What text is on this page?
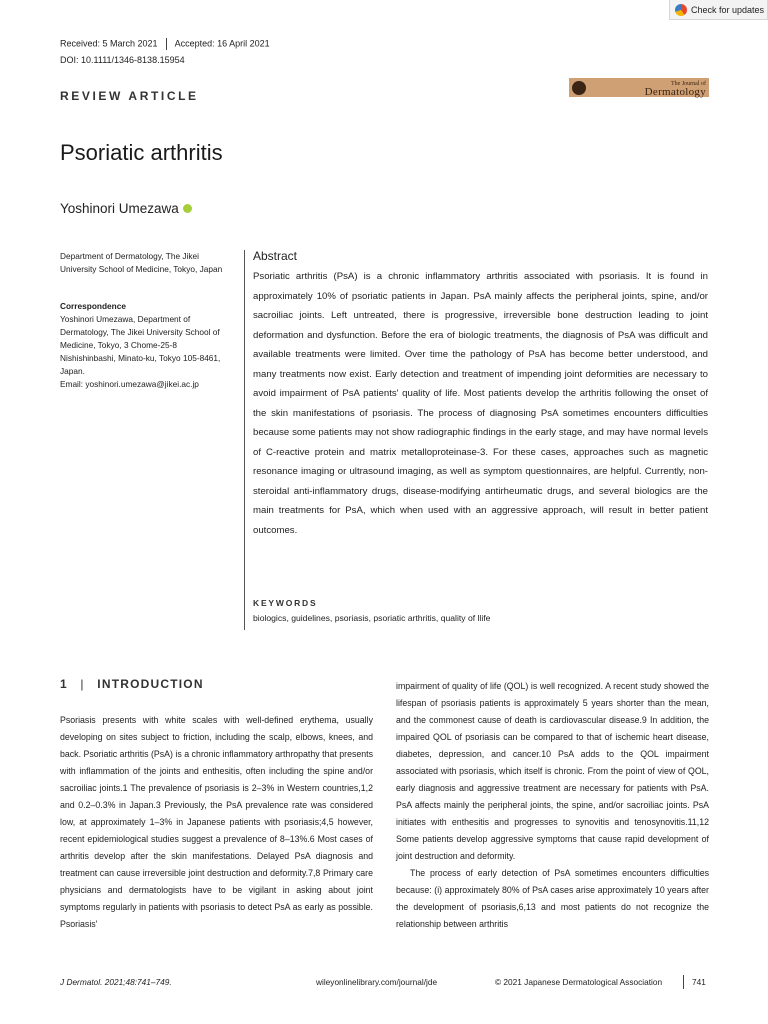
Check for updates
Received: 5 March 2021 Accepted: 16 April 2021
DOI: 10.1111/1346-8138.15954
The Journal of
Dermatology
REVIEW ARTICLE
Psoriatic arthritis
Yoshinori Umezawa
Department of Dermatology, The Jikei University School of Medicine, Tokyo, Japan
Correspondence
Yoshinori Umezawa, Department of Dermatology, The Jikei University School of Medicine, Tokyo, 3 Chome-25-8 Nishishinbashi, Minato-ku, Tokyo 105-8461, Japan.
Email: yoshinori.umezawa@jikei.ac.jp
Abstract
Psoriatic arthritis (PsA) is a chronic inflammatory arthritis associated with psoriasis. It is found in approximately 10% of psoriatic patients in Japan. PsA mainly affects the peripheral joints, spine, and/or sacroiliac joints. Left untreated, there is progressive, irreversible bone destruction leading to joint deformation and dysfunction. Before the era of biologic treatments, the diagnosis of PsA was difficult and available treatments were limited. Over time the pathology of PsA has become better understood, and many treatments now exist. Early detection and treatment of impending joint deformities are necessary to avoid impairment of PsA patients' quality of life. Most patients develop the arthritis following the onset of the skin manifestations of psoriasis. The process of diagnosing PsA sometimes encounters difficulties because some patients may not show radiographic findings in the early stage, and may have normal levels of C-reactive protein and matrix metalloproteinase-3. For these cases, approaches such as magnetic resonance imaging or ultrasound imaging, as well as symptom questionnaires, are helpful. Currently, non-steroidal anti-inflammatory drugs, disease-modifying antirheumatic drugs, and several biologics are the main treatments for PsA, which when used with an aggressive approach, will result in better patient outcomes.
KEYWORDS
biologics, guidelines, psoriasis, psoriatic arthritis, quality of llife
1 | INTRODUCTION

Psoriasis presents with white scales with well-defined erythema, usually developing on sites subject to friction, including the scalp, elbows, knees, and back. Psoriatic arthritis (PsA) is a chronic inflammatory arthropathy that presents with inflammation of the joints and enthesitis, often including the spine and/or sacroiliac joints.1 The prevalence of psoriasis is 2–3% in Western countries,1,2 and 0.2–0.3% in Japan.3 Previously, the PsA prevalence rate was considered low, at approximately 1–3% in Japanese patients with psoriasis;4,5 however, recent epidemiological studies suggest a prevalence of 8–13%.6 Most cases of arthritis develop after the skin manifestations. Delayed PsA diagnosis and treatment can cause irreversible joint destruction and deformity.7,8 Primary care physicians and dermatologists have to be vigilant in asking about joint symptoms regularly in patients with psoriasis to detect PsA as early as possible. Psoriasis'

impairment of quality of life (QOL) is well recognized. A recent study showed the lifespan of psoriasis patients is approximately 5 years shorter than the mean, and the commonest cause of death is cardiovascular disease.9 In addition, the impaired QOL of psoriasis can be compared to that of ischemic heart disease, diabetes, depression, and cancer.10 PsA adds to the QOL impairment associated with psoriasis, which itself is chronic. From the point of view of QOL, early diagnosis and aggressive treatment are necessary for patients with PsA. PsA affects mainly the peripheral joints, the spine, and/or sacroiliac joints. PsA initiates with enthesitis and progresses to synovitis and tenosynovitis.11,12 Some patients develop aggressive symptoms that cause rapid development of joint destruction and deformity.

The process of early detection of PsA sometimes encounters difficulties because: (i) approximately 80% of PsA cases arise approximately 10 years after the development of psoriasis,6,13 and most patients do not recognize the relationship between arthritis

J Dermatol. 2021;48:741–749.	wileyonlinelibrary.com/journal/jde	© 2021 Japanese Dermatological Association	741
